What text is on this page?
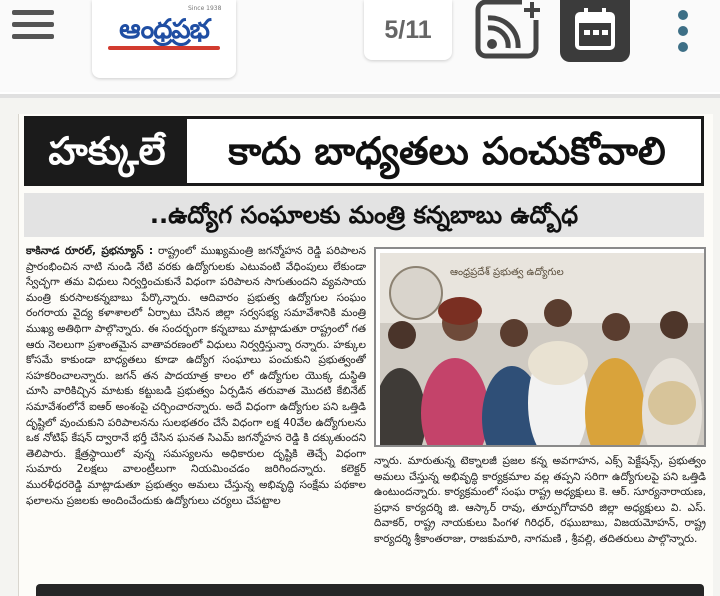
Since 1938
ఆంధ్రప్రభ	5/11
హక్కులే	కాదు బాధ్యతలు పంచుకోవాలి
..ఉద్యోగ సంఘాలకు మంత్రి కన్నబాబు ఉద్బోధ

కాకినాడ రూరల్, ప్రభన్యూస్ : రాష్ట్రంలో ముఖ్యమంత్రి జగన్మోహన రెడ్డి పరిపాలన ప్రారంభించిన నాటి నుండి నేటి వరకు ఉద్యోగులకు ఎటువంటి వేధింపులు లేకుండా స్వేచ్ఛగా తమ విధులు నిర్వర్తించుకునే విధంగా పరిపాలన సాగుతుందని వ్యవసాయ మంత్రి కురసాలకన్నబాబు పేర్కొన్నారు. ఆదివారం ప్రభుత్వ ఉద్యోగుల సంఘం రంగరాయ వైద్య కళాశాలలో ఏర్పాటు చేసిన జిల్లా సర్వసభ్య సమావేశానికి మంత్రి ముఖ్య అతిథిగా పాల్గొన్నారు. ఈ సందర్భంగా కన్నబాబు మాట్లాడుతూ రాష్ట్రంలో గత ఆరు నెలలుగా ప్రశాంతమైన వాతావరణంలో విధులు నిర్వర్తిస్తున్నా రన్నారు. హక్కుల కోసమే కాకుండా బాధ్యతలు కూడా ఉద్యోగ సంఘాలు పంచుకుని ప్రభుత్వంతో సహకరించాలన్నారు. జగన్ తన పాదయాత్ర కాలం లో ఉద్యోగుల యొక్క దుస్థితి చూసి వారికిచ్చిన మాటకు కట్టుబడి ప్రభుత్వం ఏర్పడిన తరువాత మొదటి కేబినేట్ సమావేశంలోనే ఐఆర్ అంశంపై చర్చించారన్నారు. అదే విధంగా ఉద్యోగుల పని ఒత్తిడి దృష్టిలో వుంచుకుని పరిపాలనను సులభతరం చేసే విధంగా లక్ష 40వేల ఉద్యోగులను ఒక నోటిఫ్ కేషన్ ద్వారానే భర్తీ చేసిన ఘనత సిఎమ్ జగన్మోహన రెడ్డి కి దక్కుతుందని తెలిపారు. క్షేత్రస్థాయిలో వున్న సమస్యలను అధికారుల దృష్టికి తెచ్చే విధంగా సుమారు 2లక్షలు వాలంట్రీలుగా నియమించడం జరిగిందన్నారు. కలెక్టర్ మురళీధరరెడ్డి మాట్లాడుతూ ప్రభుత్వం అమలు చేస్తున్న అభివృద్ధి సంక్షేమ పథకాల ఫలాలను ప్రజలకు అందించేందుకు ఉద్యోగులు చర్యలు చేపట్టాల

ఆంధ్రప్రదేశ్ ప్రభుత్వ ఉద్యోగుల
న్నారు. మారుతున్న టెక్నాలజీ ప్రజల కన్న అవగాహన, ఎక్స్ పెక్టేషన్స్, ప్రభుత్వం అమలు చేస్తున్న అభివృద్ధి కార్యక్రమాల వల్ల తప్పని సరిగా ఉద్యోగులపై పని ఒత్తిడి ఉంటుందన్నారు. కార్యక్రమంలో సంఘ రాష్ట్ర అధ్యక్షులు కె. ఆర్. సూర్యనారాయణ, ప్రధాన కార్యదర్శి జి. ఆస్కార్ రావు, తూర్పుగోదావరి జిల్లా అధ్యక్షులు వి. ఎస్. దివాకర్, రాష్ట్ర నాయకులు పింగళ గిరిధర్, రఘుబాబు, విజయమోహన్, రాష్ట్ర కార్యదర్శి శ్రీకాంతరాజు, రాజకుమారి, నాగమణి , శ్రీవల్లి, తదితరులు పాల్గొన్నారు.
